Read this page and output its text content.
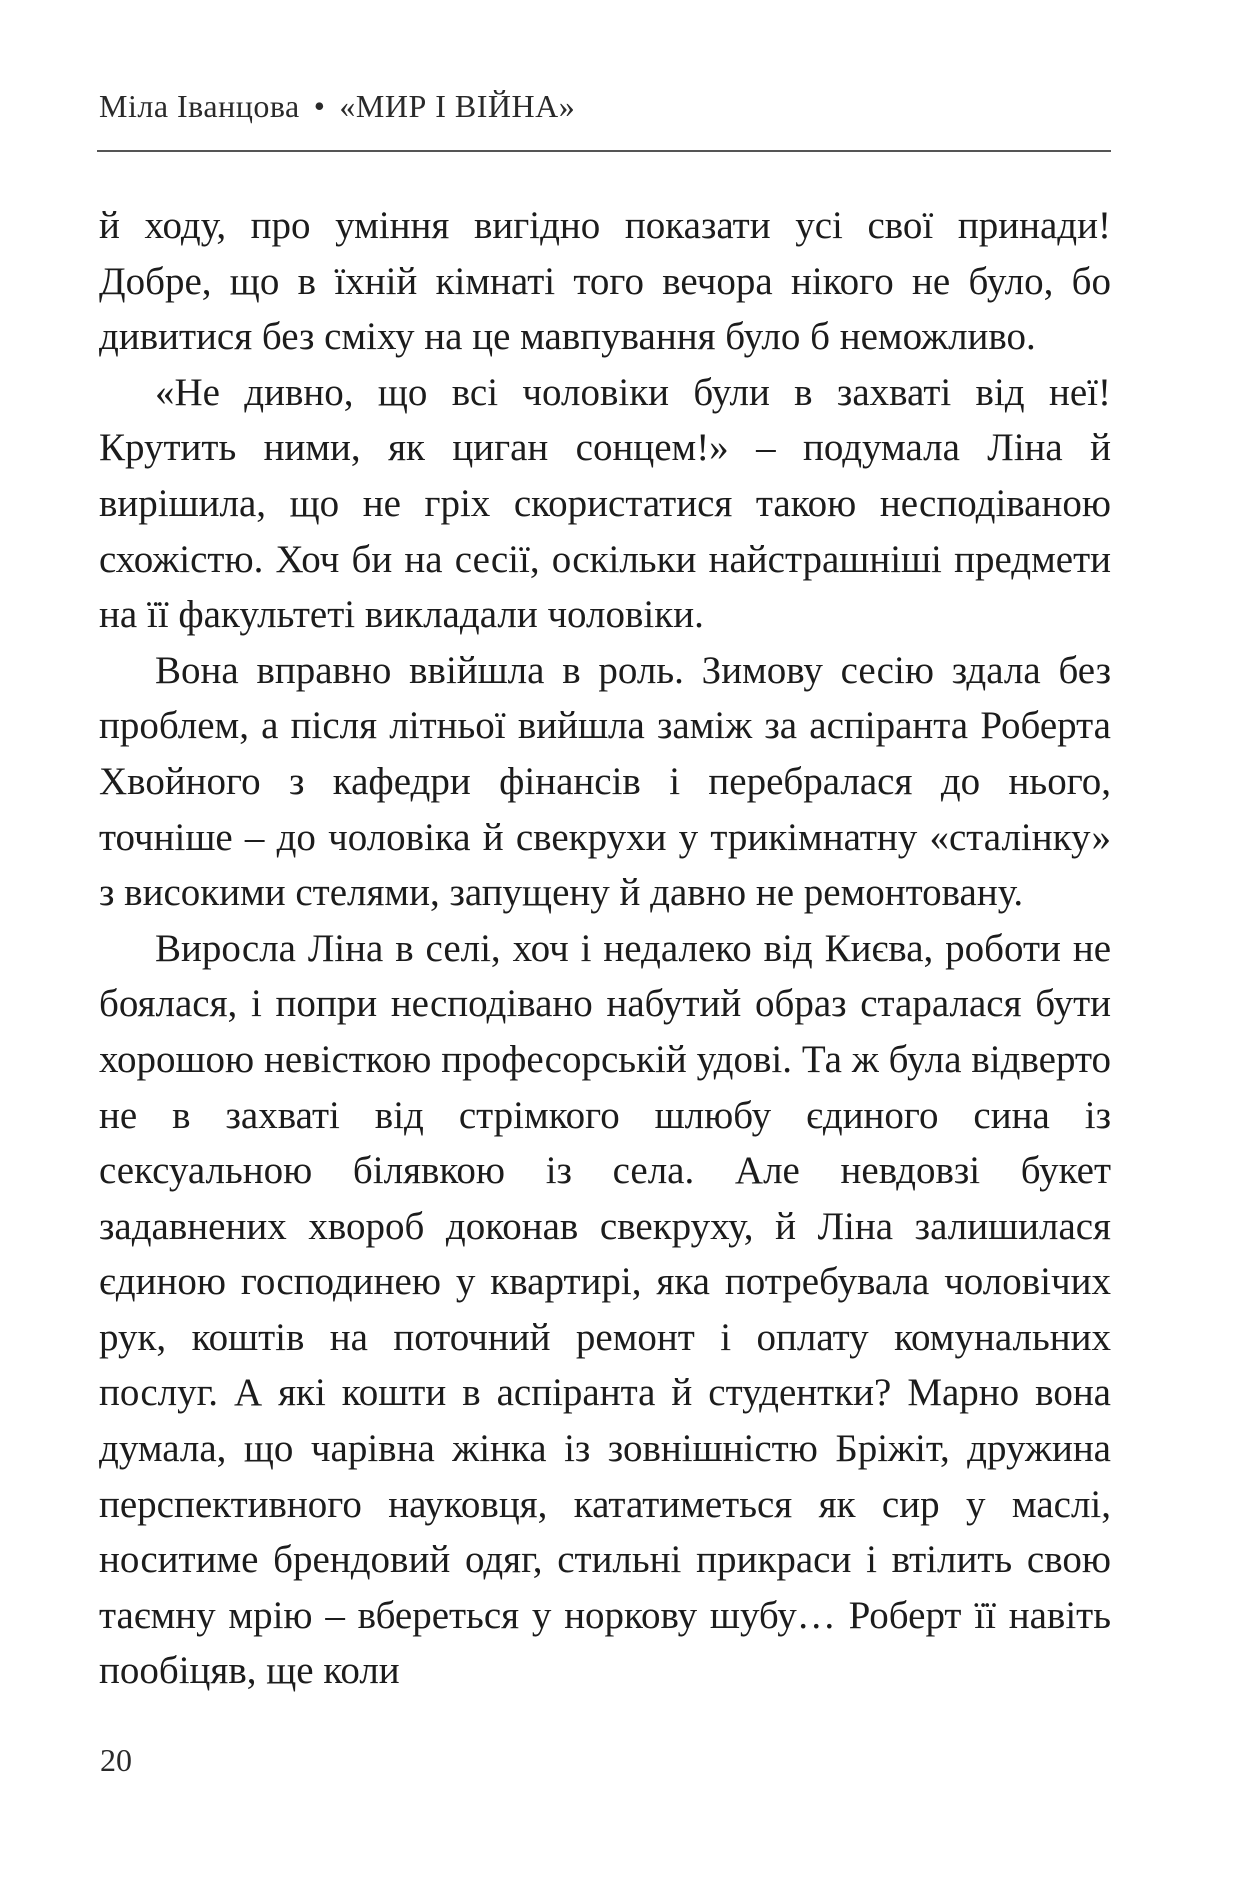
Міла Іванцова • «МИР І ВІЙНА»

й ходу, про уміння вигідно показати усі свої принади! Добре, що в їхній кімнаті того вечора нікого не було, бо дивитися без сміху на це мавпування було б неможливо.

«Не дивно, що всі чоловіки були в захваті від неї! Крутить ними, як циган сонцем!» – подумала Ліна й вирішила, що не гріх скористатися такою несподіваною схожістю. Хоч би на сесії, оскільки найстрашніші предмети на її факультеті викладали чоловіки.

Вона вправно ввійшла в роль. Зимову сесію здала без проблем, а після літньої вийшла заміж за аспіранта Роберта Хвойного з кафедри фінансів і перебралася до нього, точніше – до чоловіка й свекрухи у трикімнатну «сталінку» з високими стелями, запущену й давно не ремонтовану.

Виросла Ліна в селі, хоч і недалеко від Києва, роботи не боялася, і попри несподівано набутий образ старалася бути хорошою невісткою професорській удові. Та ж була відверто не в захваті від стрімкого шлюбу єдиного сина із сексуальною білявкою із села. Але невдовзі букет задавнених хвороб доконав свекруху, й Ліна залишилася єдиною господинею у квартирі, яка потребувала чоловічих рук, коштів на поточний ремонт і оплату комунальних послуг. А які кошти в аспіранта й студентки? Марно вона думала, що чарівна жінка із зовнішністю Бріжіт, дружина перспективного науковця, кататиметься як сир у маслі, носитиме брендовий одяг, стильні прикраси і втілить свою таємну мрію – вбереться у норкову шубу… Роберт її навіть пообіцяв, ще коли

20
